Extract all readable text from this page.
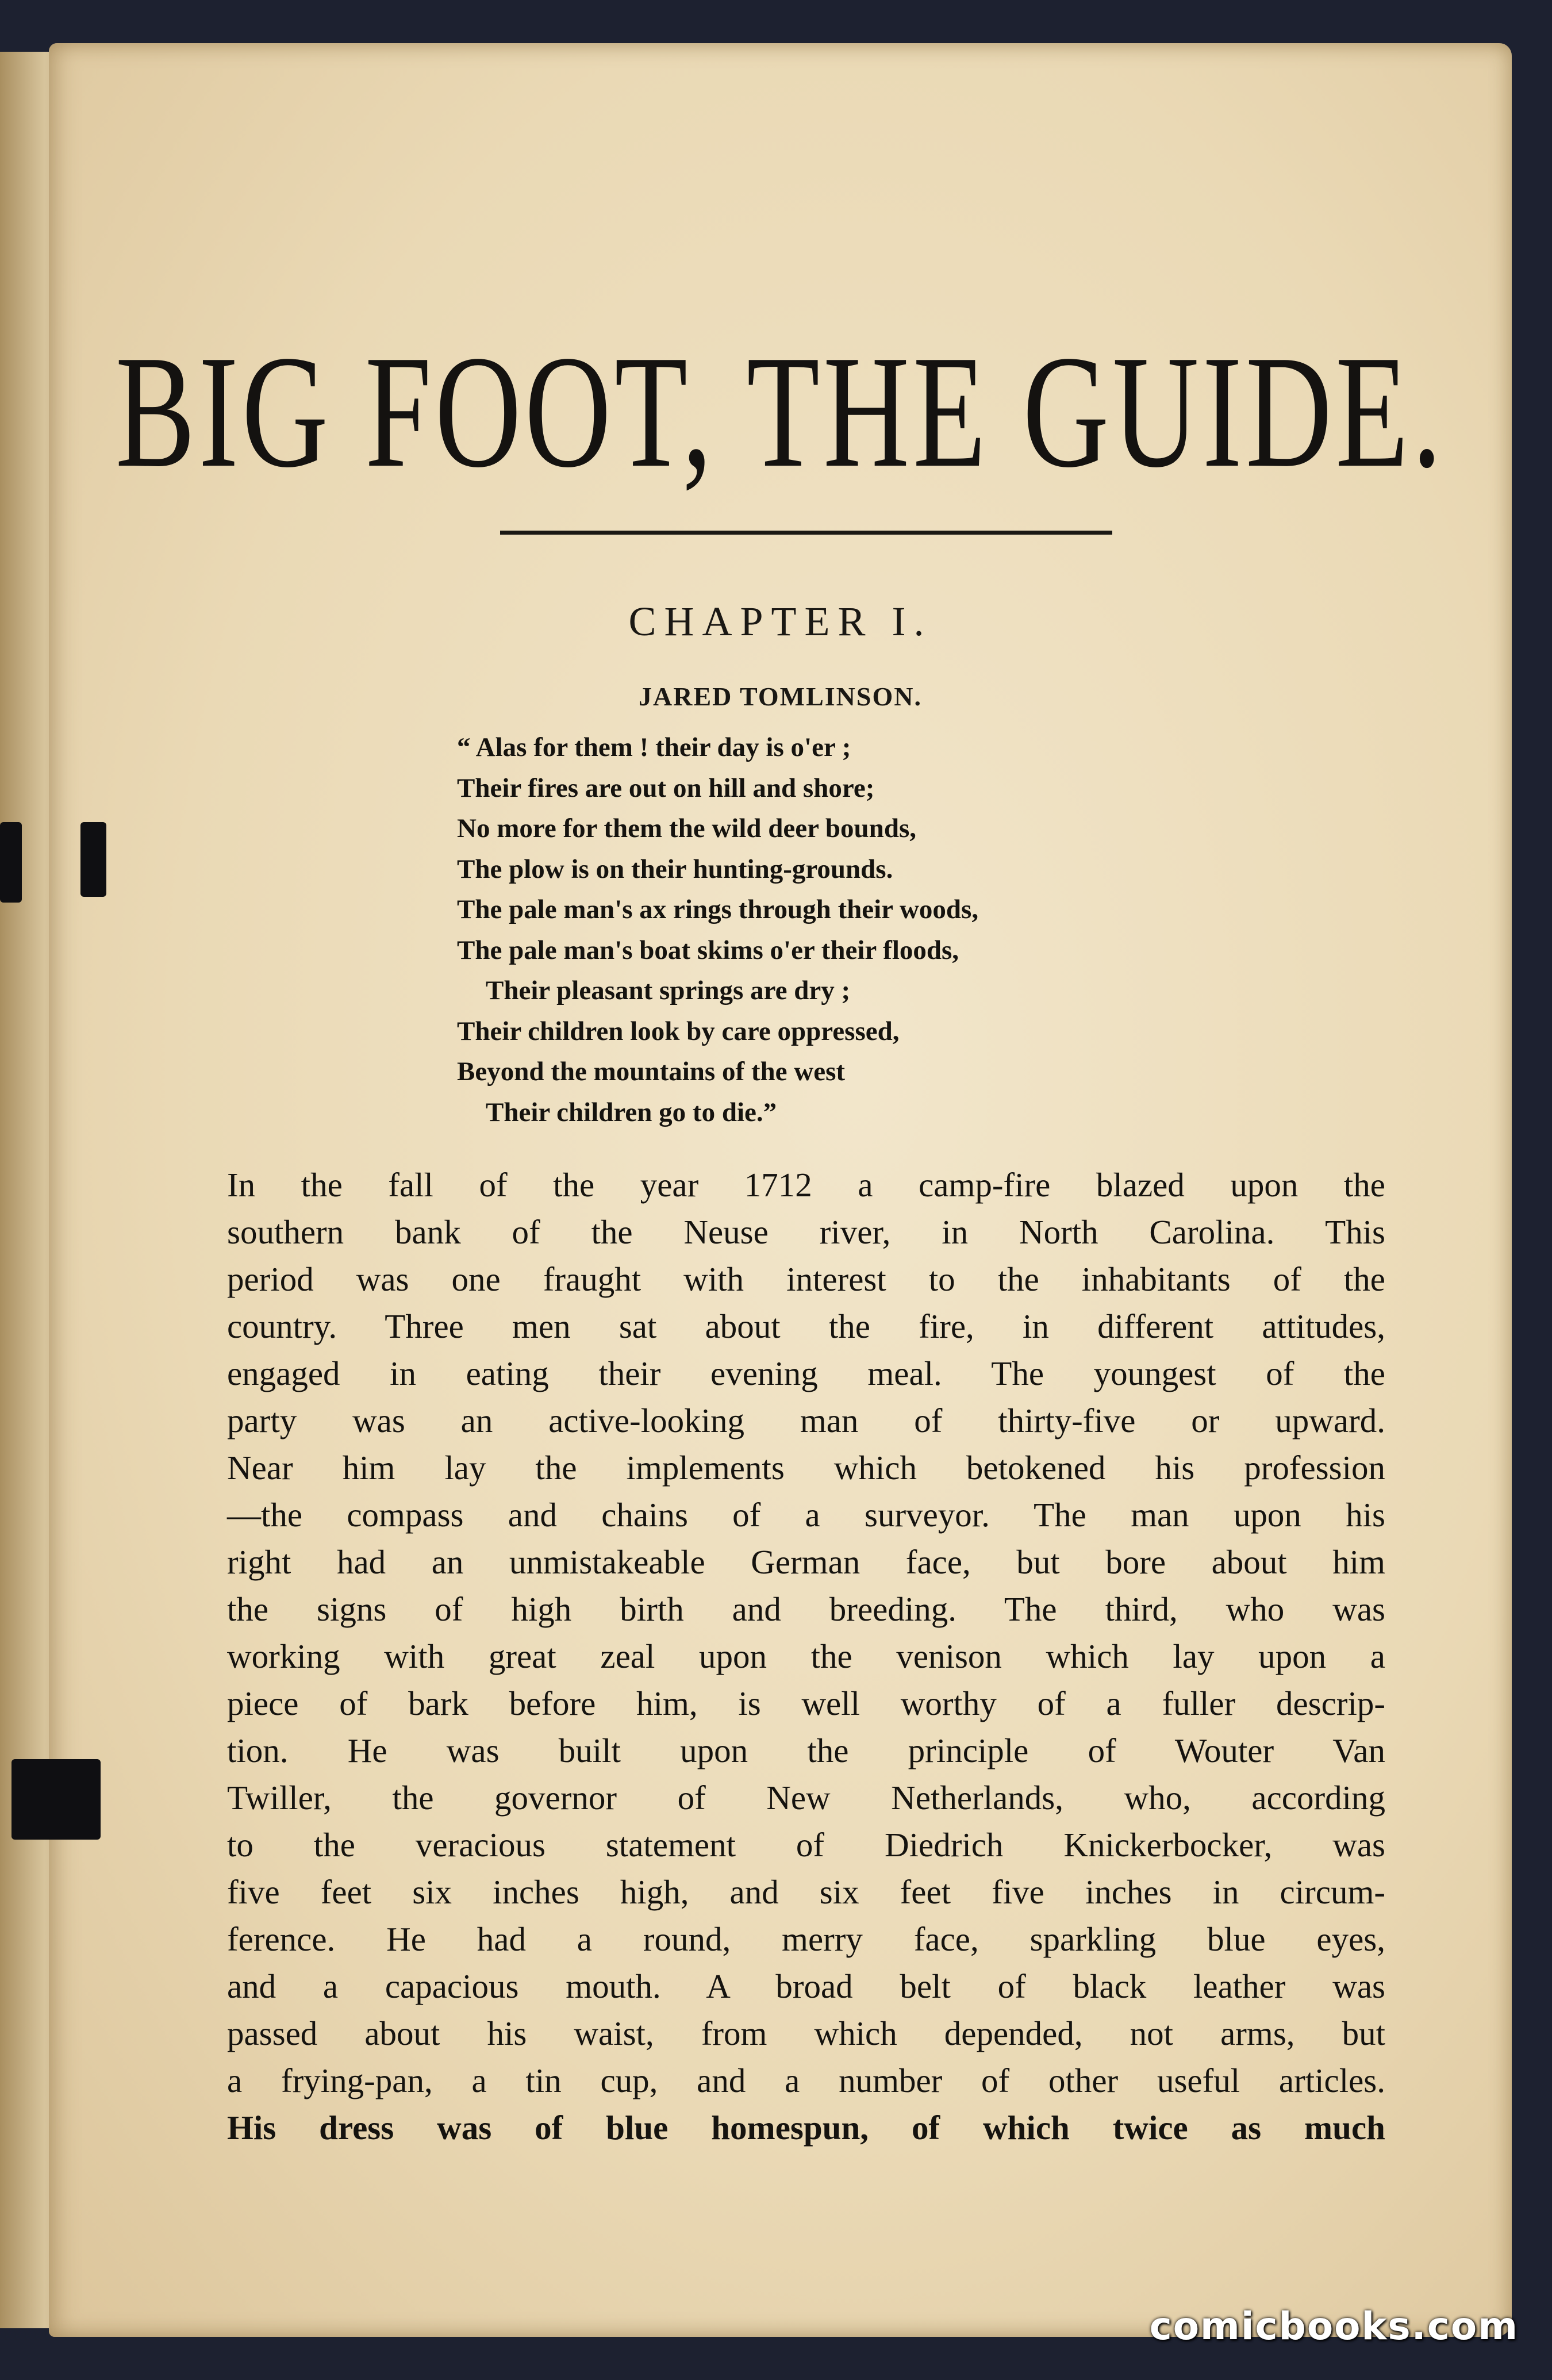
BIG FOOT, THE GUIDE.
CHAPTER I.
JARED TOMLINSON.
“ Alas for them ! their day is o'er ;
Their fires are out on hill and shore;
No more for them the wild deer bounds,
The plow is on their hunting-grounds.
The pale man's ax rings through their woods,
The pale man's boat skims o'er their floods,
Their pleasant springs are dry ;
Their children look by care oppressed,
Beyond the mountains of the west
Their children go to die.”
In the fall of the year 1712 a camp-fire blazed upon the
southern bank of the Neuse river, in North Carolina. This
period was one fraught with interest to the inhabitants of the
country. Three men sat about the fire, in different attitudes,
engaged in eating their evening meal. The youngest of the
party was an active-looking man of thirty-five or upward.
Near him lay the implements which betokened his profession
—the compass and chains of a surveyor. The man upon his
right had an unmistakeable German face, but bore about him
the signs of high birth and breeding. The third, who was
working with great zeal upon the venison which lay upon a
piece of bark before him, is well worthy of a fuller descrip-
tion. He was built upon the principle of Wouter Van
Twiller, the governor of New Netherlands, who, according
to the veracious statement of Diedrich Knickerbocker, was
five feet six inches high, and six feet five inches in circum-
ference. He had a round, merry face, sparkling blue eyes,
and a capacious mouth. A broad belt of black leather was
passed about his waist, from which depended, not arms, but
a frying-pan, a tin cup, and a number of other useful articles.
His dress was of blue homespun, of which twice as much
comicbooks.com
